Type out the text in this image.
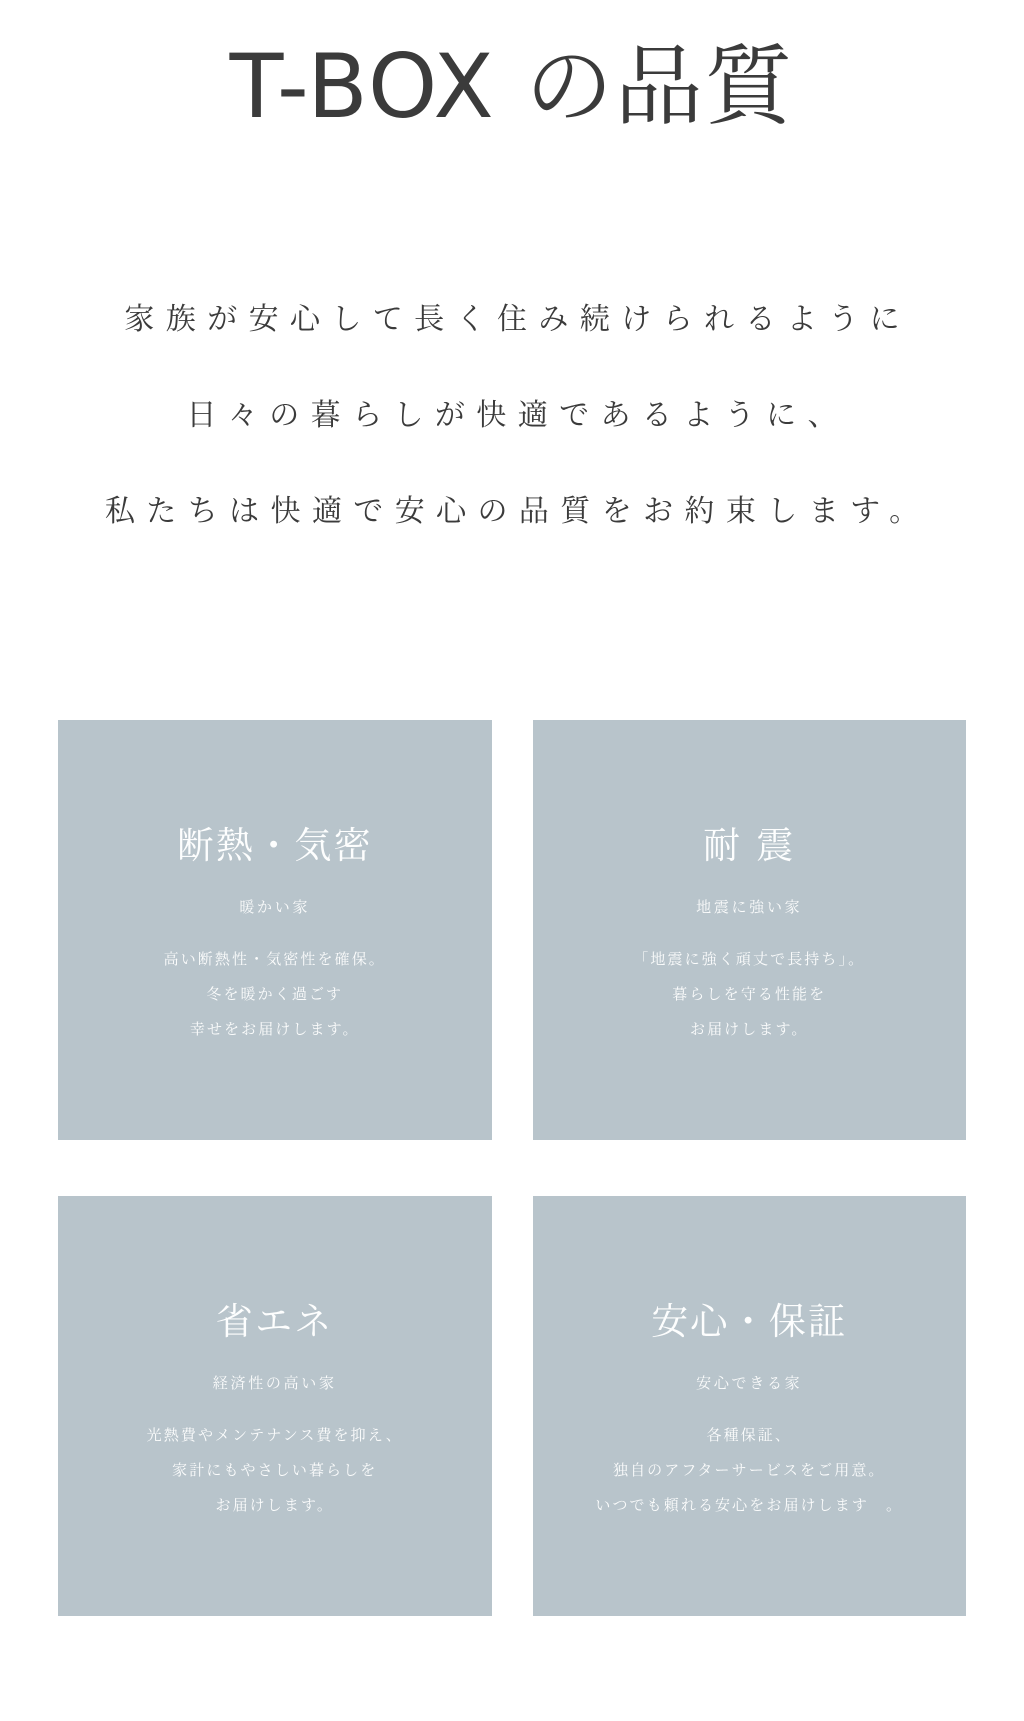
T-BOX の品質
家族が安心して長く住み続けられるように
日々の暮らしが快適であるように、
私たちは快適で安心の品質をお約束します。
断熱・気密
暖かい家
高い断熱性・気密性を確保。
冬を暖かく過ごす
幸せをお届けします。
耐 震
地震に強い家
「地震に強く頑丈で長持ち」。
暮らしを守る性能を
お届けします。
省エネ
経済性の高い家
光熱費やメンテナンス費を抑え、
家計にもやさしい暮らしを
お届けします。
安心・保証
安心できる家
各種保証、
独自のアフターサービスをご用意。
いつでも頼れる安心をお届けします　。
